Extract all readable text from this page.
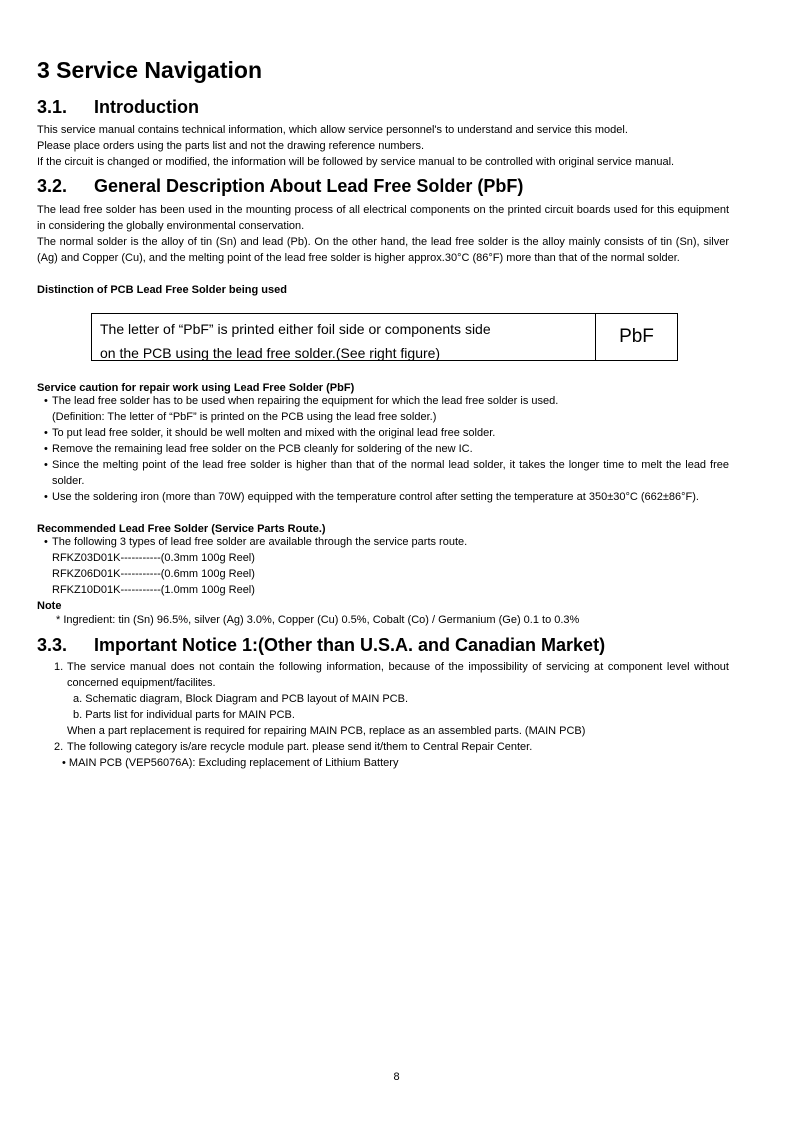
3 Service Navigation
3.1. Introduction
This service manual contains technical information, which allow service personnel's to understand and service this model.
Please place orders using the parts list and not the drawing reference numbers.
If the circuit is changed or modified, the information will be followed by service manual to be controlled with original service manual.
3.2. General Description About Lead Free Solder (PbF)
The lead free solder has been used in the mounting process of all electrical components on the printed circuit boards used for this equipment in considering the globally environmental conservation.
The normal solder is the alloy of tin (Sn) and lead (Pb). On the other hand, the lead free solder is the alloy mainly consists of tin (Sn), silver (Ag) and Copper (Cu), and the melting point of the lead free solder is higher approx.30°C (86°F) more than that of the normal solder.
Distinction of PCB Lead Free Solder being used
The letter of “PbF” is printed either foil side or components side
on the PCB using the lead free solder.(See right figure)
PbF
Service caution for repair work using Lead Free Solder (PbF)
• The lead free solder has to be used when repairing the equipment for which the lead free solder is used.
(Definition: The letter of “PbF” is printed on the PCB using the lead free solder.)
• To put lead free solder, it should be well molten and mixed with the original lead free solder.
• Remove the remaining lead free solder on the PCB cleanly for soldering of the new IC.
• Since the melting point of the lead free solder is higher than that of the normal lead solder, it takes the longer time to melt the lead free solder.
• Use the soldering iron (more than 70W) equipped with the temperature control after setting the temperature at 350±30°C (662±86°F).
Recommended Lead Free Solder (Service Parts Route.)
• The following 3 types of lead free solder are available through the service parts route.
RFKZ03D01K-----------(0.3mm 100g Reel)
RFKZ06D01K-----------(0.6mm 100g Reel)
RFKZ10D01K-----------(1.0mm 100g Reel)
Note
* Ingredient: tin (Sn) 96.5%, silver (Ag) 3.0%, Copper (Cu) 0.5%, Cobalt (Co) / Germanium (Ge) 0.1 to 0.3%
3.3. Important Notice 1:(Other than U.S.A. and Canadian Market)
1. The service manual does not contain the following information, because of the impossibility of servicing at component level without concerned equipment/facilites.
a. Schematic diagram, Block Diagram and PCB layout of MAIN PCB.
b. Parts list for individual parts for MAIN PCB.
When a part replacement is required for repairing MAIN PCB, replace as an assembled parts. (MAIN PCB)
2. The following category is/are recycle module part. please send it/them to Central Repair Center.
• MAIN PCB (VEP56076A): Excluding replacement of Lithium Battery
8
